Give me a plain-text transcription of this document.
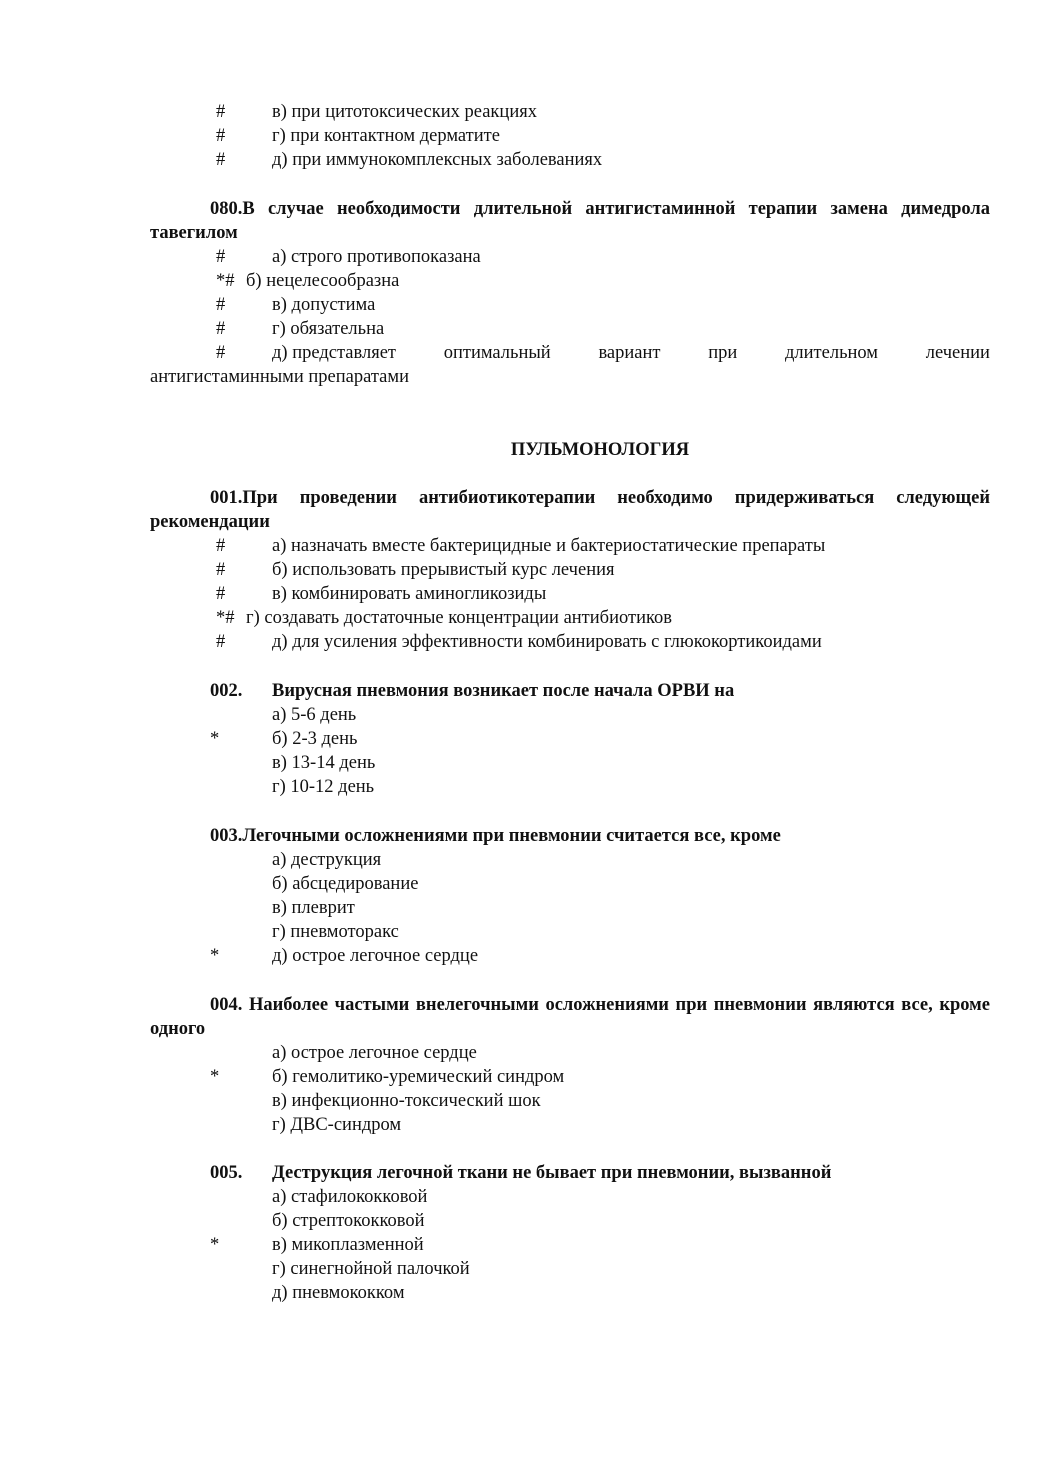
#	в) при цитотоксических реакциях
#	г) при контактном дерматите
#	д) при иммунокомплексных заболеваниях
080.В случае необходимости длительной антигистаминной терапии замена димедрола тавегилом
#	а) строго противопоказана
*# б) нецелесообразна
#	в) допустима
#	г) обязательна
#	д) представляет	оптимальный	вариант	при	длительном	лечении
антигистаминными препаратами
ПУЛЬМОНОЛОГИЯ
001.При проведении антибиотикотерапии необходимо придерживаться следующей рекомендации
#	а) назначать вместе бактерицидные и бактериостатические препараты
#	б) использовать прерывистый курс лечения
#	в) комбинировать аминогликозиды
*# г) создавать достаточные концентрации антибиотиков
#	д) для усиления эффективности комбинировать с глюкокортикоидами
002. Вирусная пневмония возникает после начала ОРВИ на
а) 5-6 день
*	б) 2-3 день
в) 13-14 день
г) 10-12 день
003.Легочными осложнениями при пневмонии считается все, кроме
а) деструкция
б) абсцедирование
в) плеврит
г) пневмоторакс
*	д) острое легочное сердце
004. Наиболее частыми внелегочными осложнениями при пневмонии являются все, кроме одного
а) острое легочное сердце
*	б) гемолитико-уремический синдром
в) инфекционно-токсический шок
г) ДВС-синдром
005. Деструкция легочной ткани не бывает при пневмонии, вызванной
а) стафилококковой
б) стрептококковой
*	в) микоплазменной
г) синегнойной палочкой
д) пневмококком
